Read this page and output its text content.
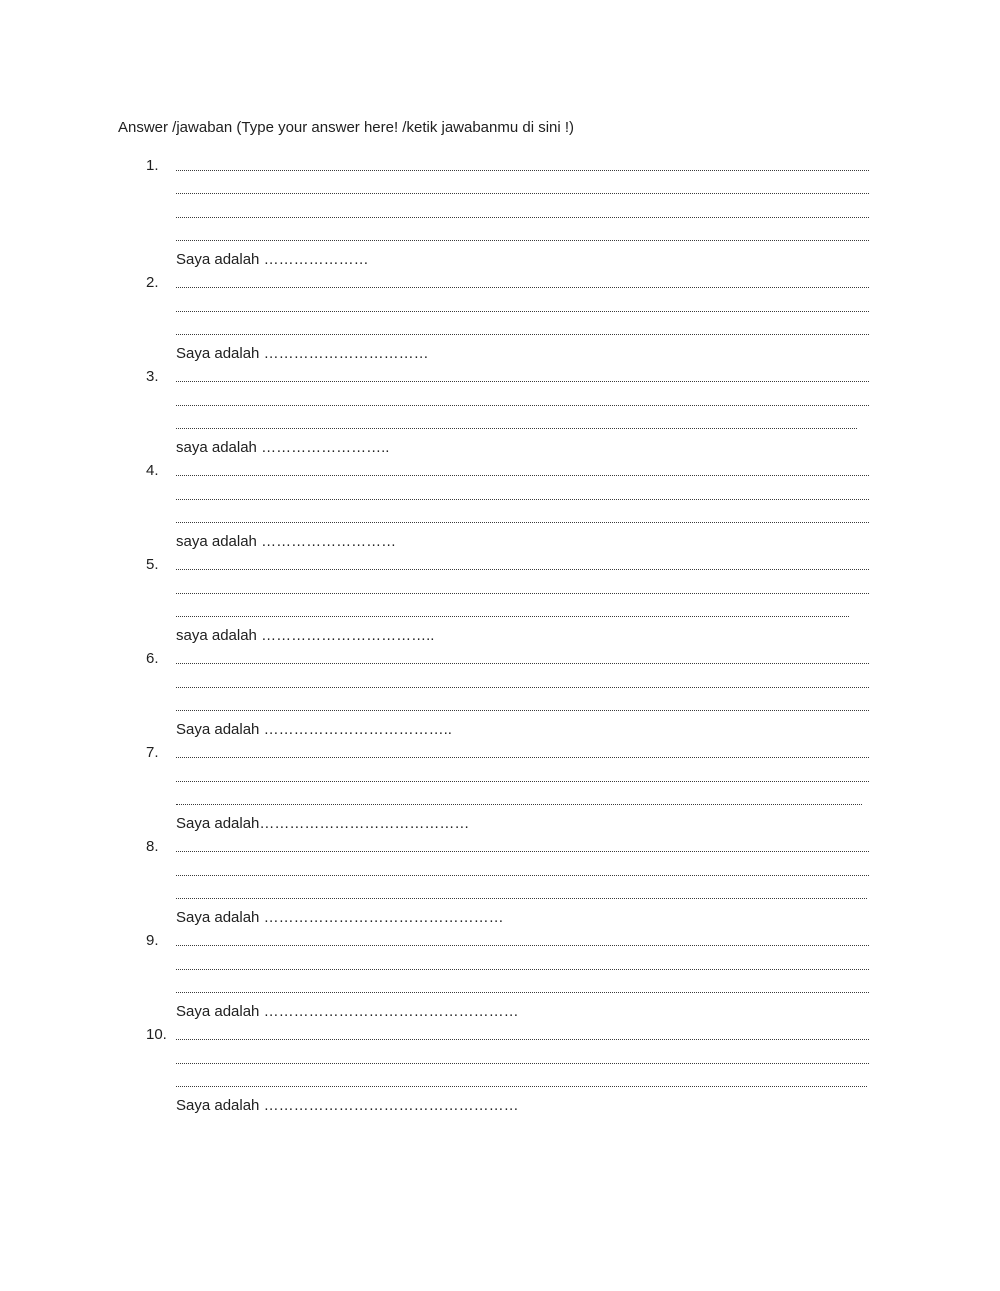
Answer /jawaban (Type your answer here! /ketik jawabanmu di sini !)
1.
Saya adalah …………………
2.
Saya adalah ……………………………
3.
saya adalah ……………………..
4.
saya adalah ………………………
5.
saya adalah ……………………………..
6.
Saya adalah ………………………………..
7.
Saya adalah……………………………………
8.
Saya adalah …………………………………………
9.
Saya adalah ……………………………………………
10.
Saya adalah ……………………………………………
